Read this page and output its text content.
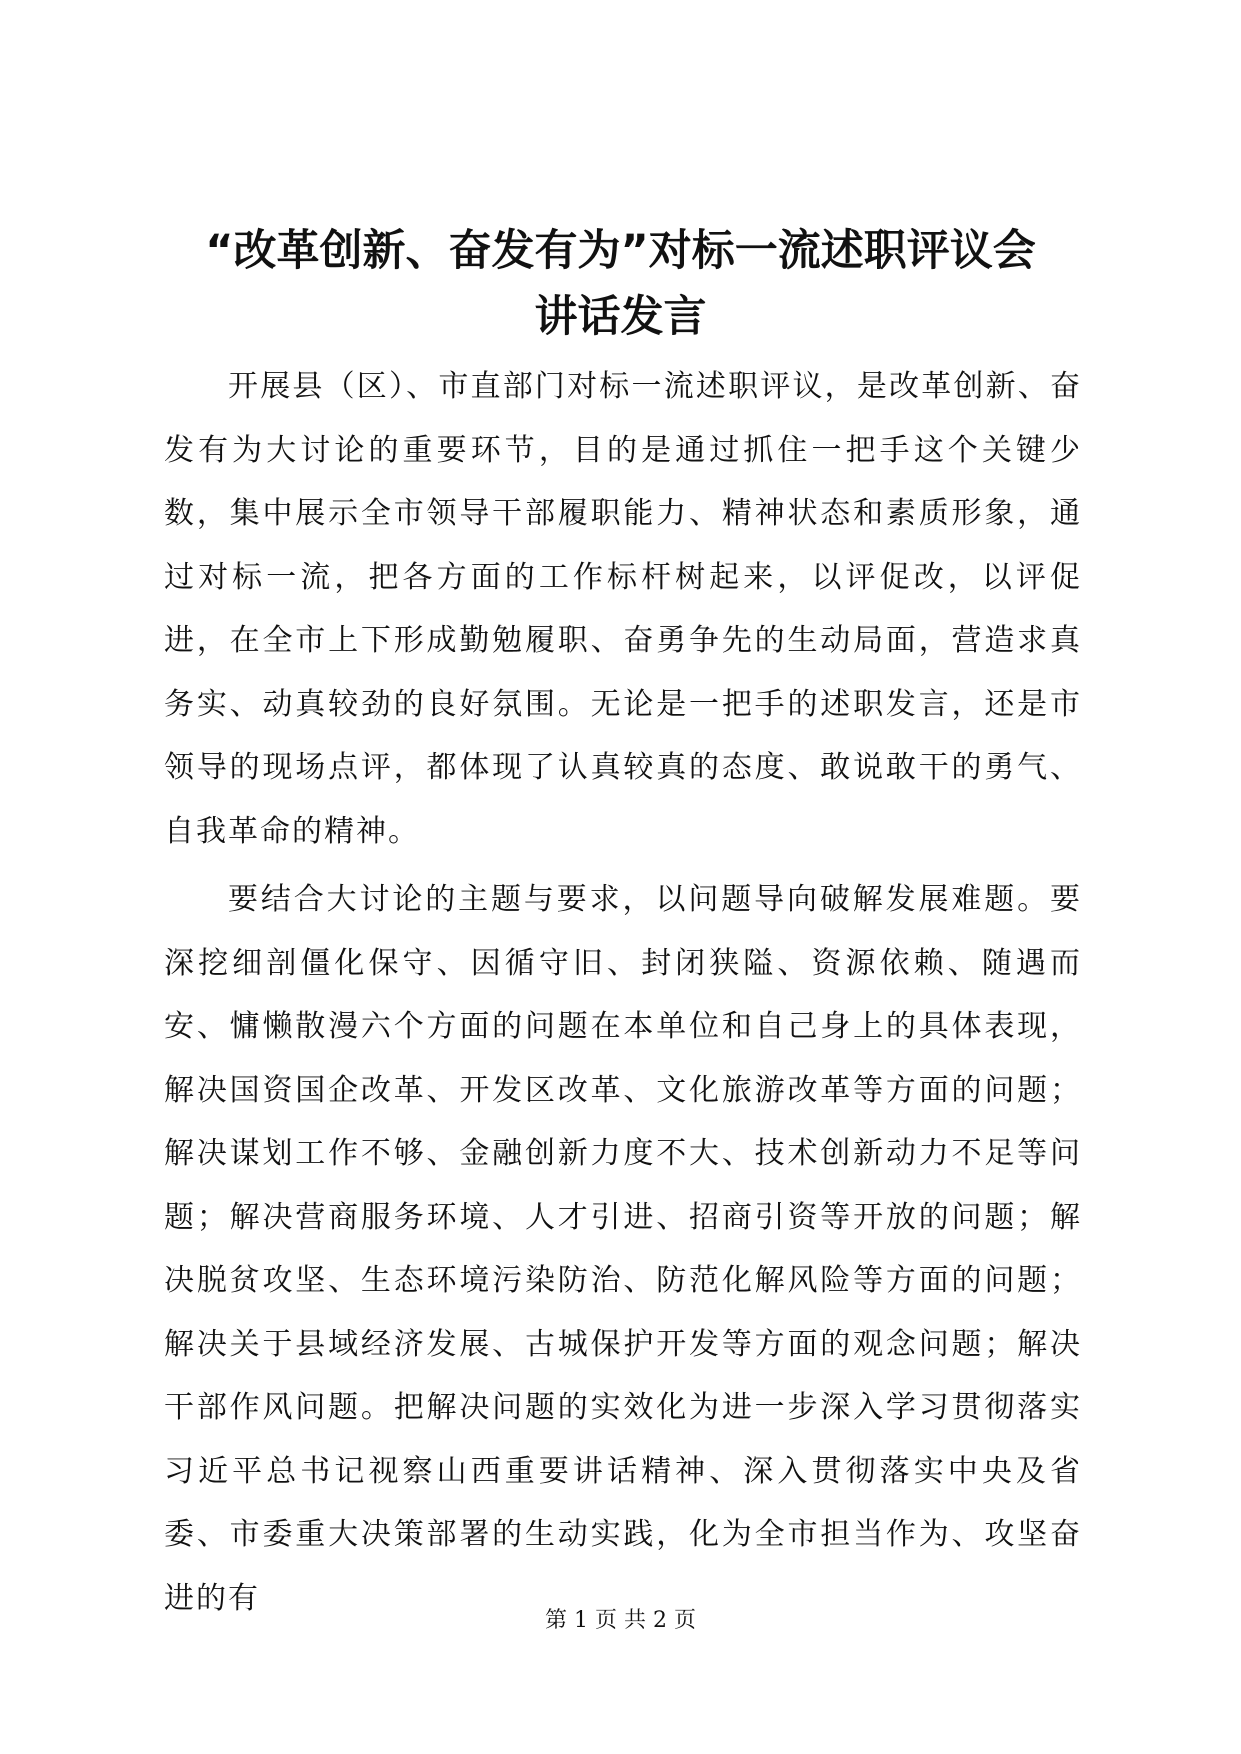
“改革创新、奋发有为”对标一流述职评议会
讲话发言

开展县（区）、市直部门对标一流述职评议，是改革创新、奋发有为大讨论的重要环节，目的是通过抓住一把手这个关键少数，集中展示全市领导干部履职能力、精神状态和素质形象，通过对标一流，把各方面的工作标杆树起来，以评促改，以评促进，在全市上下形成勤勉履职、奋勇争先的生动局面，营造求真务实、动真较劲的良好氛围。无论是一把手的述职发言，还是市领导的现场点评，都体现了认真较真的态度、敢说敢干的勇气、自我革命的精神。

要结合大讨论的主题与要求，以问题导向破解发展难题。要深挖细剖僵化保守、因循守旧、封闭狭隘、资源依赖、随遇而安、慵懒散漫六个方面的问题在本单位和自己身上的具体表现，解决国资国企改革、开发区改革、文化旅游改革等方面的问题；解决谋划工作不够、金融创新力度不大、技术创新动力不足等问题；解决营商服务环境、人才引进、招商引资等开放的问题；解决脱贫攻坚、生态环境污染防治、防范化解风险等方面的问题；解决关于县域经济发展、古城保护开发等方面的观念问题；解决干部作风问题。把解决问题的实效化为进一步深入学习贯彻落实习近平总书记视察山西重要讲话精神、深入贯彻落实中央及省委、市委重大决策部署的生动实践，化为全市担当作为、攻坚奋进的有

第 1 页 共 2 页
